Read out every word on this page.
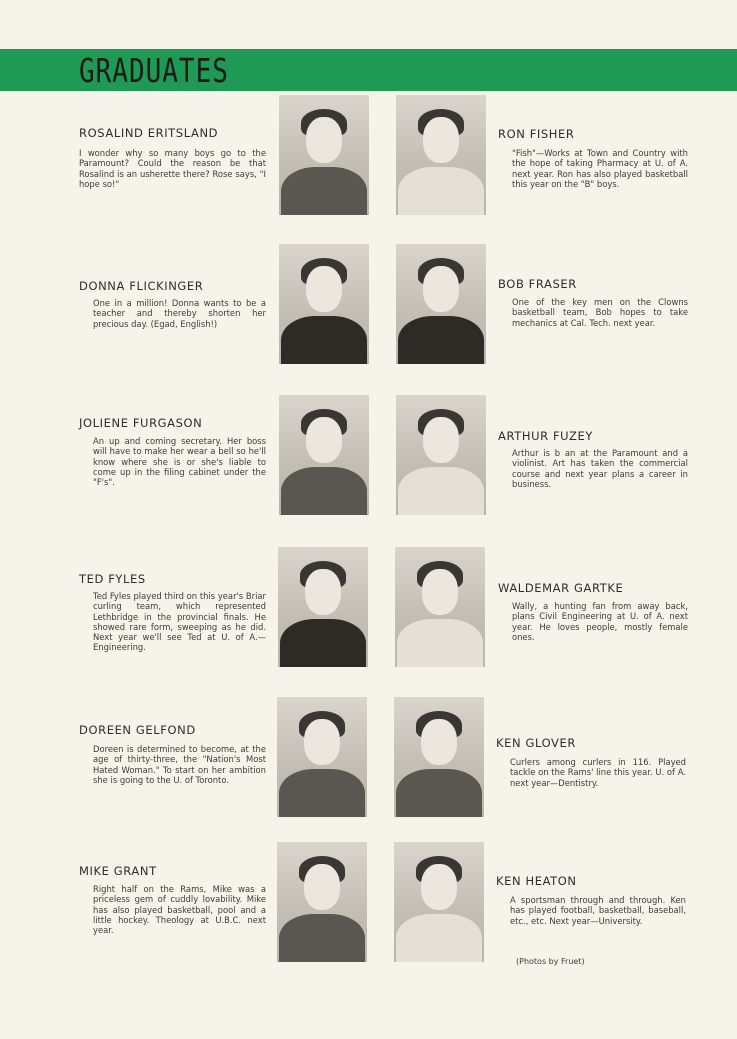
GRADUATES
ROSALIND ERITSLAND
I wonder why so many boys go to the Paramount? Could the reason be that Rosalind is an usherette there? Rose says, "I hope so!"
RON FISHER
"Fish"—Works at Town and Country with the hope of taking Pharmacy at U. of A. next year. Ron has also played basketball this year on the "B" boys.
DONNA FLICKINGER
One in a million! Donna wants to be a teacher and thereby shorten her precious day. (Egad, English!)
BOB FRASER
One of the key men on the Clowns basketball team, Bob hopes to take mechanics at Cal. Tech. next year.
JOLIENE FURGASON
An up and coming secretary. Her boss will have to make her wear a bell so he'll know where she is or she's liable to come up in the filing cabinet under the "F's".
ARTHUR FUZEY
Arthur is b an at the Paramount and a violinist. Art has taken the commercial course and next year plans a career in business.
TED FYLES
Ted Fyles played third on this year's Briar curling team, which represented Lethbridge in the provincial finals. He showed rare form, sweeping as he did. Next year we'll see Ted at U. of A.—Engineering.
WALDEMAR GARTKE
Wally, a hunting fan from away back, plans Civil Engineering at U. of A. next year. He loves people, mostly female ones.
DOREEN GELFOND
Doreen is determined to become, at the age of thirty-three, the "Nation's Most Hated Woman." To start on her ambition she is going to the U. of Toronto.
KEN GLOVER
Curlers among curlers in 116. Played tackle on the Rams' line this year. U. of A. next year—Dentistry.
MIKE GRANT
Right half on the Rams, Mike was a priceless gem of cuddly lovability. Mike has also played basketball, pool and a little hockey. Theology at U.B.C. next year.
KEN HEATON
A sportsman through and through. Ken has played football, basketball, baseball, etc., etc. Next year—University.
(Photos by Fruet)
